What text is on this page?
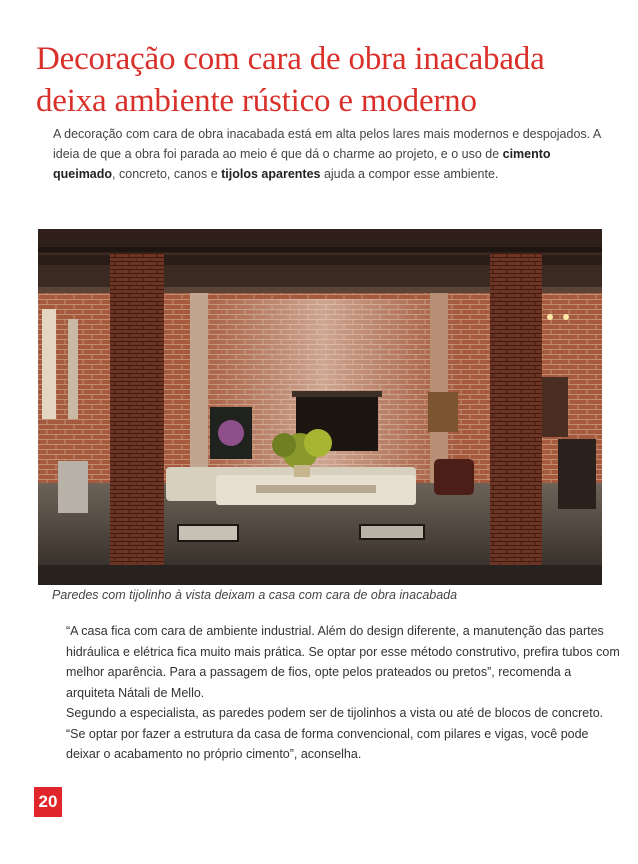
Decoração com cara de obra inacabada deixa ambiente rústico e moderno

A decoração com cara de obra inacabada está em alta pelos lares mais modernos e despojados. A ideia de que a obra foi parada ao meio é que dá o charme ao projeto, e o uso de cimento queimado, concreto, canos e tijolos aparentes ajuda a compor esse ambiente.

Paredes com tijolinho à vista deixam a casa com cara de obra inacabada

“A casa fica com cara de ambiente industrial. Além do design diferente, a manutenção das partes hidráulica e elétrica fica muito mais prática. Se optar por esse método construtivo, prefira tubos com melhor aparência. Para a passagem de fios, opte pelos prateados ou pretos”, recomenda a arquiteta Nátali de Mello.

Segundo a especialista, as paredes podem ser de tijolinhos a vista ou até de blocos de concreto. “Se optar por fazer a estrutura da casa de forma convencional, com pilares e vigas, você pode deixar o acabamento no próprio cimento”, aconselha.

20
